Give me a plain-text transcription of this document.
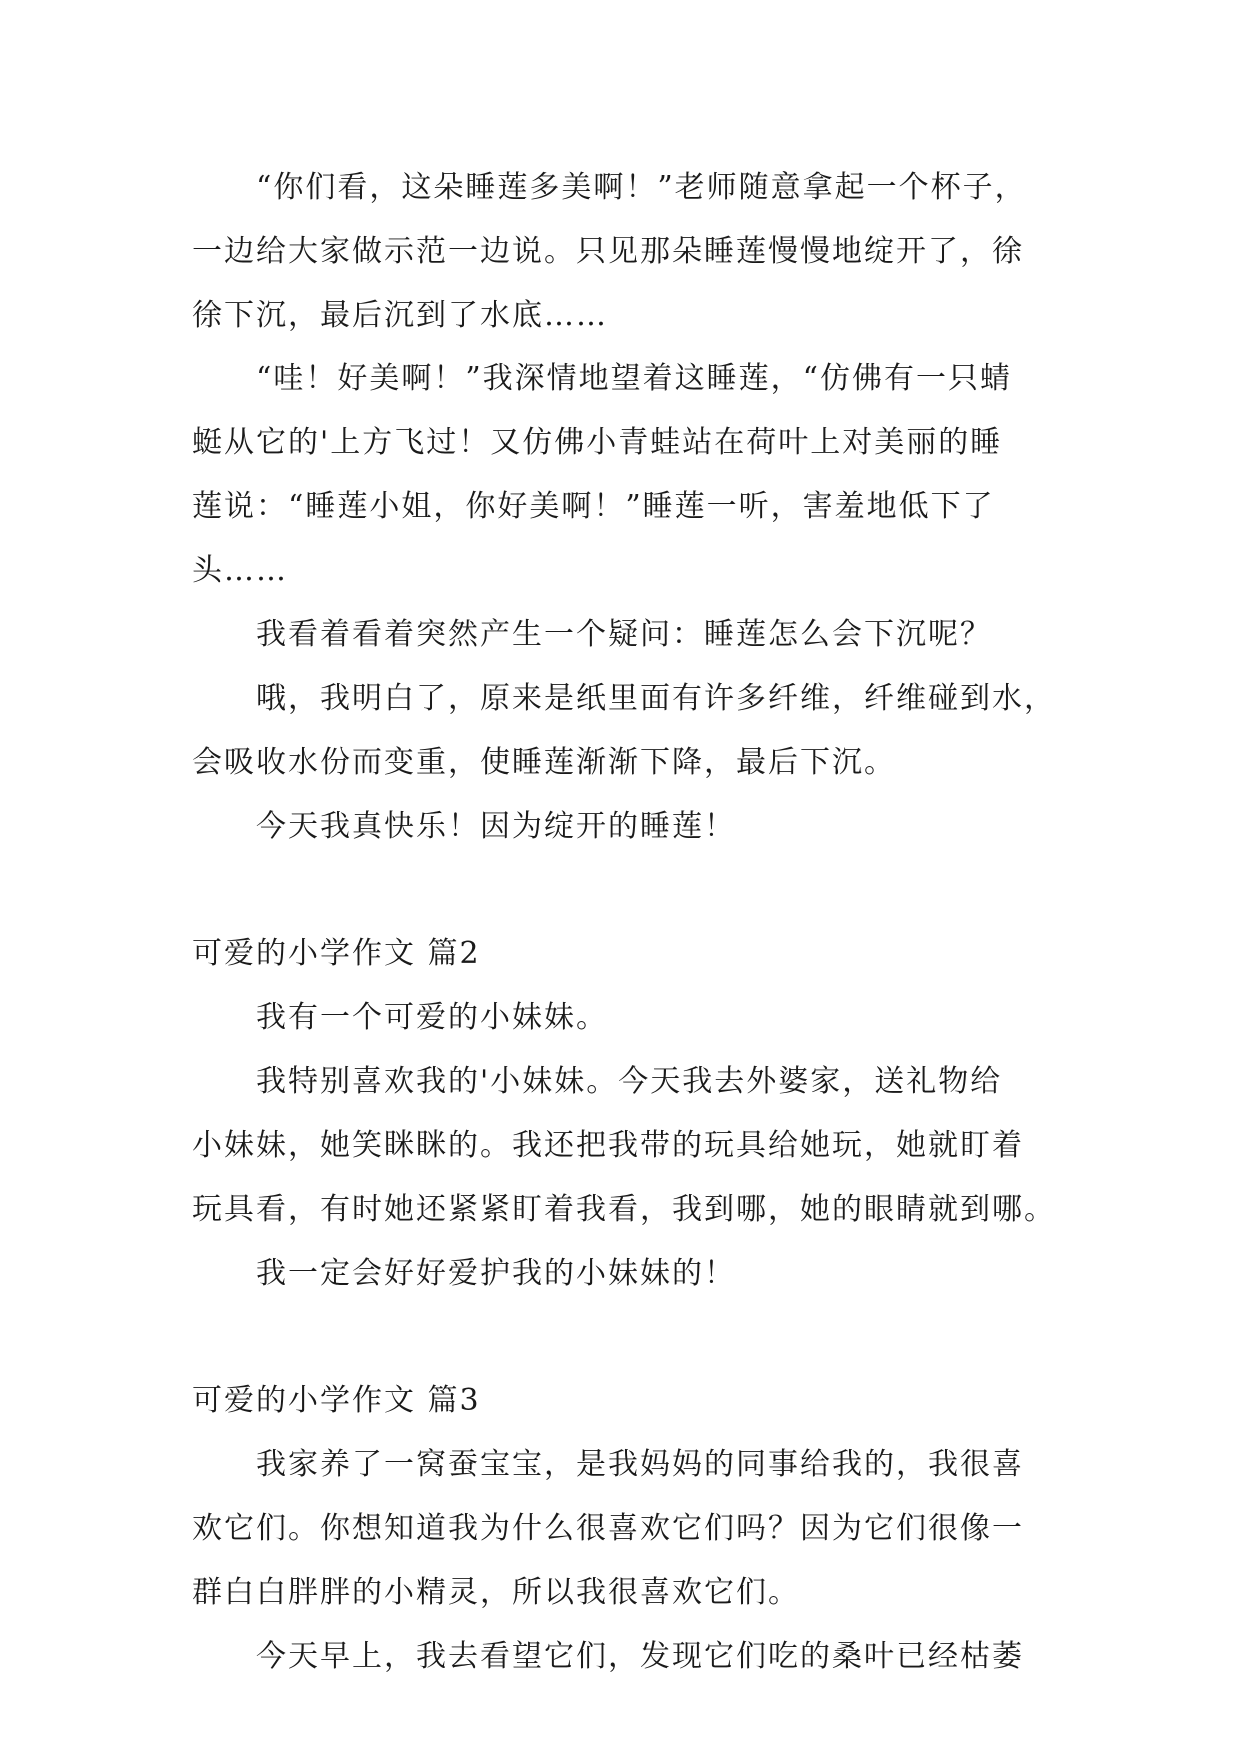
“你们看，这朵睡莲多美啊！”老师随意拿起一个杯子，
一边给大家做示范一边说。只见那朵睡莲慢慢地绽开了，徐
徐下沉，最后沉到了水底……
“哇！好美啊！”我深情地望着这睡莲，“仿佛有一只蜻
蜓从它的'上方飞过！又仿佛小青蛙站在荷叶上对美丽的睡
莲说：“睡莲小姐，你好美啊！”睡莲一听，害羞地低下了
头……
我看着看着突然产生一个疑问：睡莲怎么会下沉呢？
哦，我明白了，原来是纸里面有许多纤维，纤维碰到水，
会吸收水份而变重，使睡莲渐渐下降，最后下沉。
今天我真快乐！因为绽开的睡莲！
可爱的小学作文 篇2
我有一个可爱的小妹妹。
我特别喜欢我的'小妹妹。今天我去外婆家，送礼物给
小妹妹，她笑眯眯的。我还把我带的玩具给她玩，她就盯着
玩具看，有时她还紧紧盯着我看，我到哪，她的眼睛就到哪。
我一定会好好爱护我的小妹妹的！
可爱的小学作文 篇3
我家养了一窝蚕宝宝，是我妈妈的同事给我的，我很喜
欢它们。你想知道我为什么很喜欢它们吗？因为它们很像一
群白白胖胖的小精灵，所以我很喜欢它们。
今天早上，我去看望它们，发现它们吃的桑叶已经枯萎
